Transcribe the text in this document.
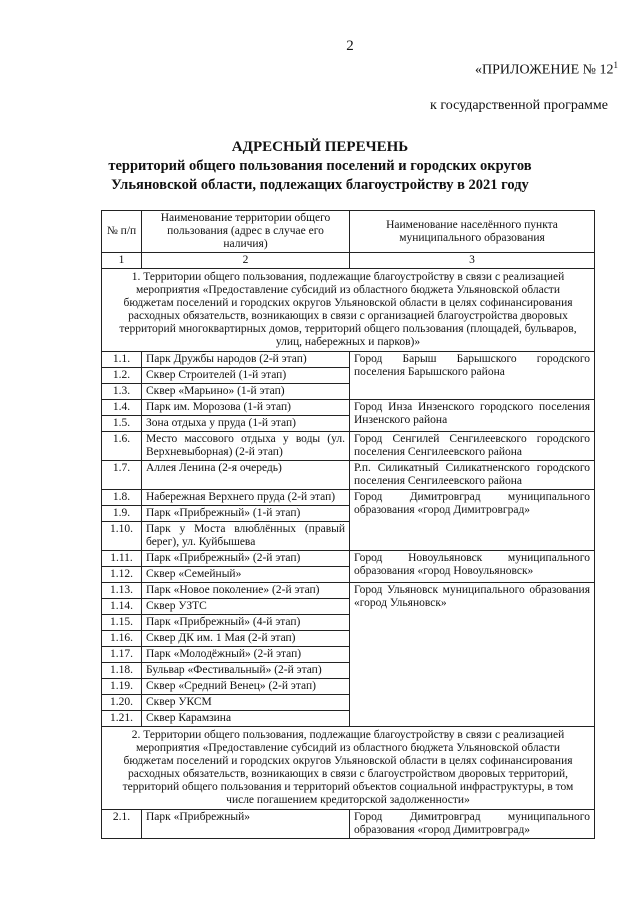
2
«ПРИЛОЖЕНИЕ № $12^1$
к государственной программе
АДРЕСНЫЙ ПЕРЕЧЕНЬ
территорий общего пользования поселений и городских округов
Ульяновской области, подлежащих благоустройству в 2021 году
№ п/п	Наименование территории общего пользования (адрес в случае его наличия)	Наименование населённого пункта муниципального образования
1	2	3
1. Территории общего пользования, подлежащие благоустройству в связи с реализацией мероприятия «Предоставление субсидий из областного бюджета Ульяновской области бюджетам поселений и городских округов Ульяновской области в целях софинансирования расходных обязательств, возникающих в связи с организацией благоустройства дворовых территорий многоквартирных домов, территорий общего пользования (площадей, бульваров, улиц, набережных и парков)»		
1.1.	Парк Дружбы народов (2-й этап)	Город Барыш Барышского городского поселения Барышского района
1.2.	Сквер Строителей (1-й этап)	
1.3.	Сквер «Марьино» (1-й этап)	
1.4.	Парк им. Морозова (1-й этап)	Город Инза Инзенского городского поселения Инзенского района
1.5.	Зона отдыха у пруда (1-й этап)	
1.6.	Место массового отдыха у воды (ул. Верхневыборная) (2-й этап)	Город Сенгилей Сенгилеевского городского поселения Сенгилеевского района
1.7.	Аллея Ленина (2-я очередь)	Р.п. Силикатный Силикатненского городского поселения Сенгилеевского района
1.8.	Набережная Верхнего пруда (2-й этап)	Город Димитровград муниципального образования «город Димитровград»
1.9.	Парк «Прибрежный» (1-й этап)	
1.10.	Парк у Моста влюблённых (правый берег), ул. Куйбышева	
1.11.	Парк «Прибрежный» (2-й этап)	Город Новоульяновск муниципального образования «город Новоульяновск»
1.12.	Сквер «Семейный»	
1.13.	Парк «Новое поколение» (2-й этап)	Город Ульяновск муниципального образования «город Ульяновск»
1.14.	Сквер УЗТС	
1.15.	Парк «Прибрежный» (4-й этап)	
1.16.	Сквер ДК им. 1 Мая (2-й этап)	
1.17.	Парк «Молодёжный» (2-й этап)	
1.18.	Бульвар «Фестивальный» (2-й этап)	
1.19.	Сквер «Средний Венец» (2-й этап)	
1.20.	Сквер УКСМ	
1.21.	Сквер Карамзина	
2. Территории общего пользования, подлежащие благоустройству в связи с реализацией мероприятия «Предоставление субсидий из областного бюджета Ульяновской области бюджетам поселений и городских округов Ульяновской области в целях софинансирования расходных обязательств, возникающих в связи с благоустройством дворовых территорий, территорий общего пользования и территорий объектов социальной инфраструктуры, в том числе погашением кредиторской задолженности»		
2.1.	Парк «Прибрежный»	Город Димитровград муниципального образования «город Димитровград»
